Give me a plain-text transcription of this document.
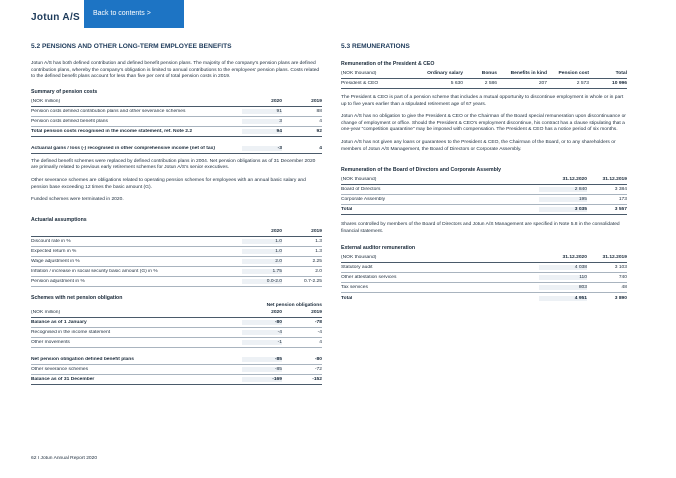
Jotun A/S	Back to contents >
5.2 PENSIONS AND OTHER LONG-TERM EMPLOYEE BENEFITS
Jotun A/S has both defined contribution and defined benefit pension plans. The majority of the company's pension plans are defined contribution plans, whereby the company's obligation is limited to annual contributions to the employees' pension plans. Costs related to the defined benefit plans account for less than five per cent of total pension costs in 2019.
Summary of pension costs
(NOK million)	2020	2019
Pension costs defined contribution plans and other severance schemes	91	88
Pension costs defined benefit plans	3	4
Total pension costs recognised in the income statement, ref. Note 2.2	94	92
Actuarial gains / loss (-) recognised in other comprehensive income (net of tax)	-3	4
The defined benefit schemes were replaced by defined contribution plans in 2004. Net pension obligations as of 31 December 2020 are primarily related to previous early retirement schemes for Jotun A/S's senior executives.
Other severance schemes are obligations related to operating pension schemes for employees with an annual basic salary and pension base exceeding 12 times the basic amount (G).
Funded schemes were terminated in 2020.
Actuarial assumptions
2020	2019
Discount rate in %	1.0	1.3
Expected return in %	1.0	1.3
Wage adjustment in %	2.0	2.25
Inflation / increase in social security basic amount (G) in %	1.75	2.0
Pension adjustment in %	0.0-2.0	0.7-2.25
Schemes with net pension obligation
Net pension obligations
(NOK million)	2020	2019
Balance as of 1 January	-80	-78
Recognised in the income statement	-4	-4
Other movements	-1	4
Net pension obligation defined benefit plans	-85	-80
Other severance schemes	-85	-72
Balance as of 31 December	-169	-152
5.3 REMUNERATIONS
Remuneration of the President & CEO
(NOK thousand)	Ordinary salary	Bonus	Benefits in kind	Pension cost	Total
President & CEO	5 630	2 586	207	2 573	10 996
The President & CEO is part of a pension scheme that includes a mutual opportunity to discontinue employment in whole or in part up to five years earlier than a stipulated retirement age of 67 years.
Jotun A/S has no obligation to give the President & CEO or the Chairman of the Board special remuneration upon discontinuance or change of employment or office. Should the President & CEO's employment discontinue, his contract has a clause stipulating that a one-year "competition quarantine" may be imposed with compensation. The President & CEO has a notice period of six months.
Jotun A/S has not given any loans or guarantees to the President & CEO, the Chairman of the Board, or to any shareholders or members of Jotun A/S Management, the Board of Directors or Corporate Assembly.
Remuneration of the Board of Directors and Corporate Assembly
(NOK thousand)	31.12.2020	31.12.2019
Board of Directors	2 840	3 384
Corporate Assembly	195	173
Total	3 035	3 557
Shares controlled by members of the Board of Directors and Jotun A/S Management are specified in Note 5.8 in the consolidated financial statement.
External auditor remuneration
(NOK thousand)	31.12.2020	31.12.2019
Statutory audit	4 038	3 103
Other attestation services	110	740
Tax services	803	48
Total	4 951	3 890
62 I Jotun Annual Report 2020
